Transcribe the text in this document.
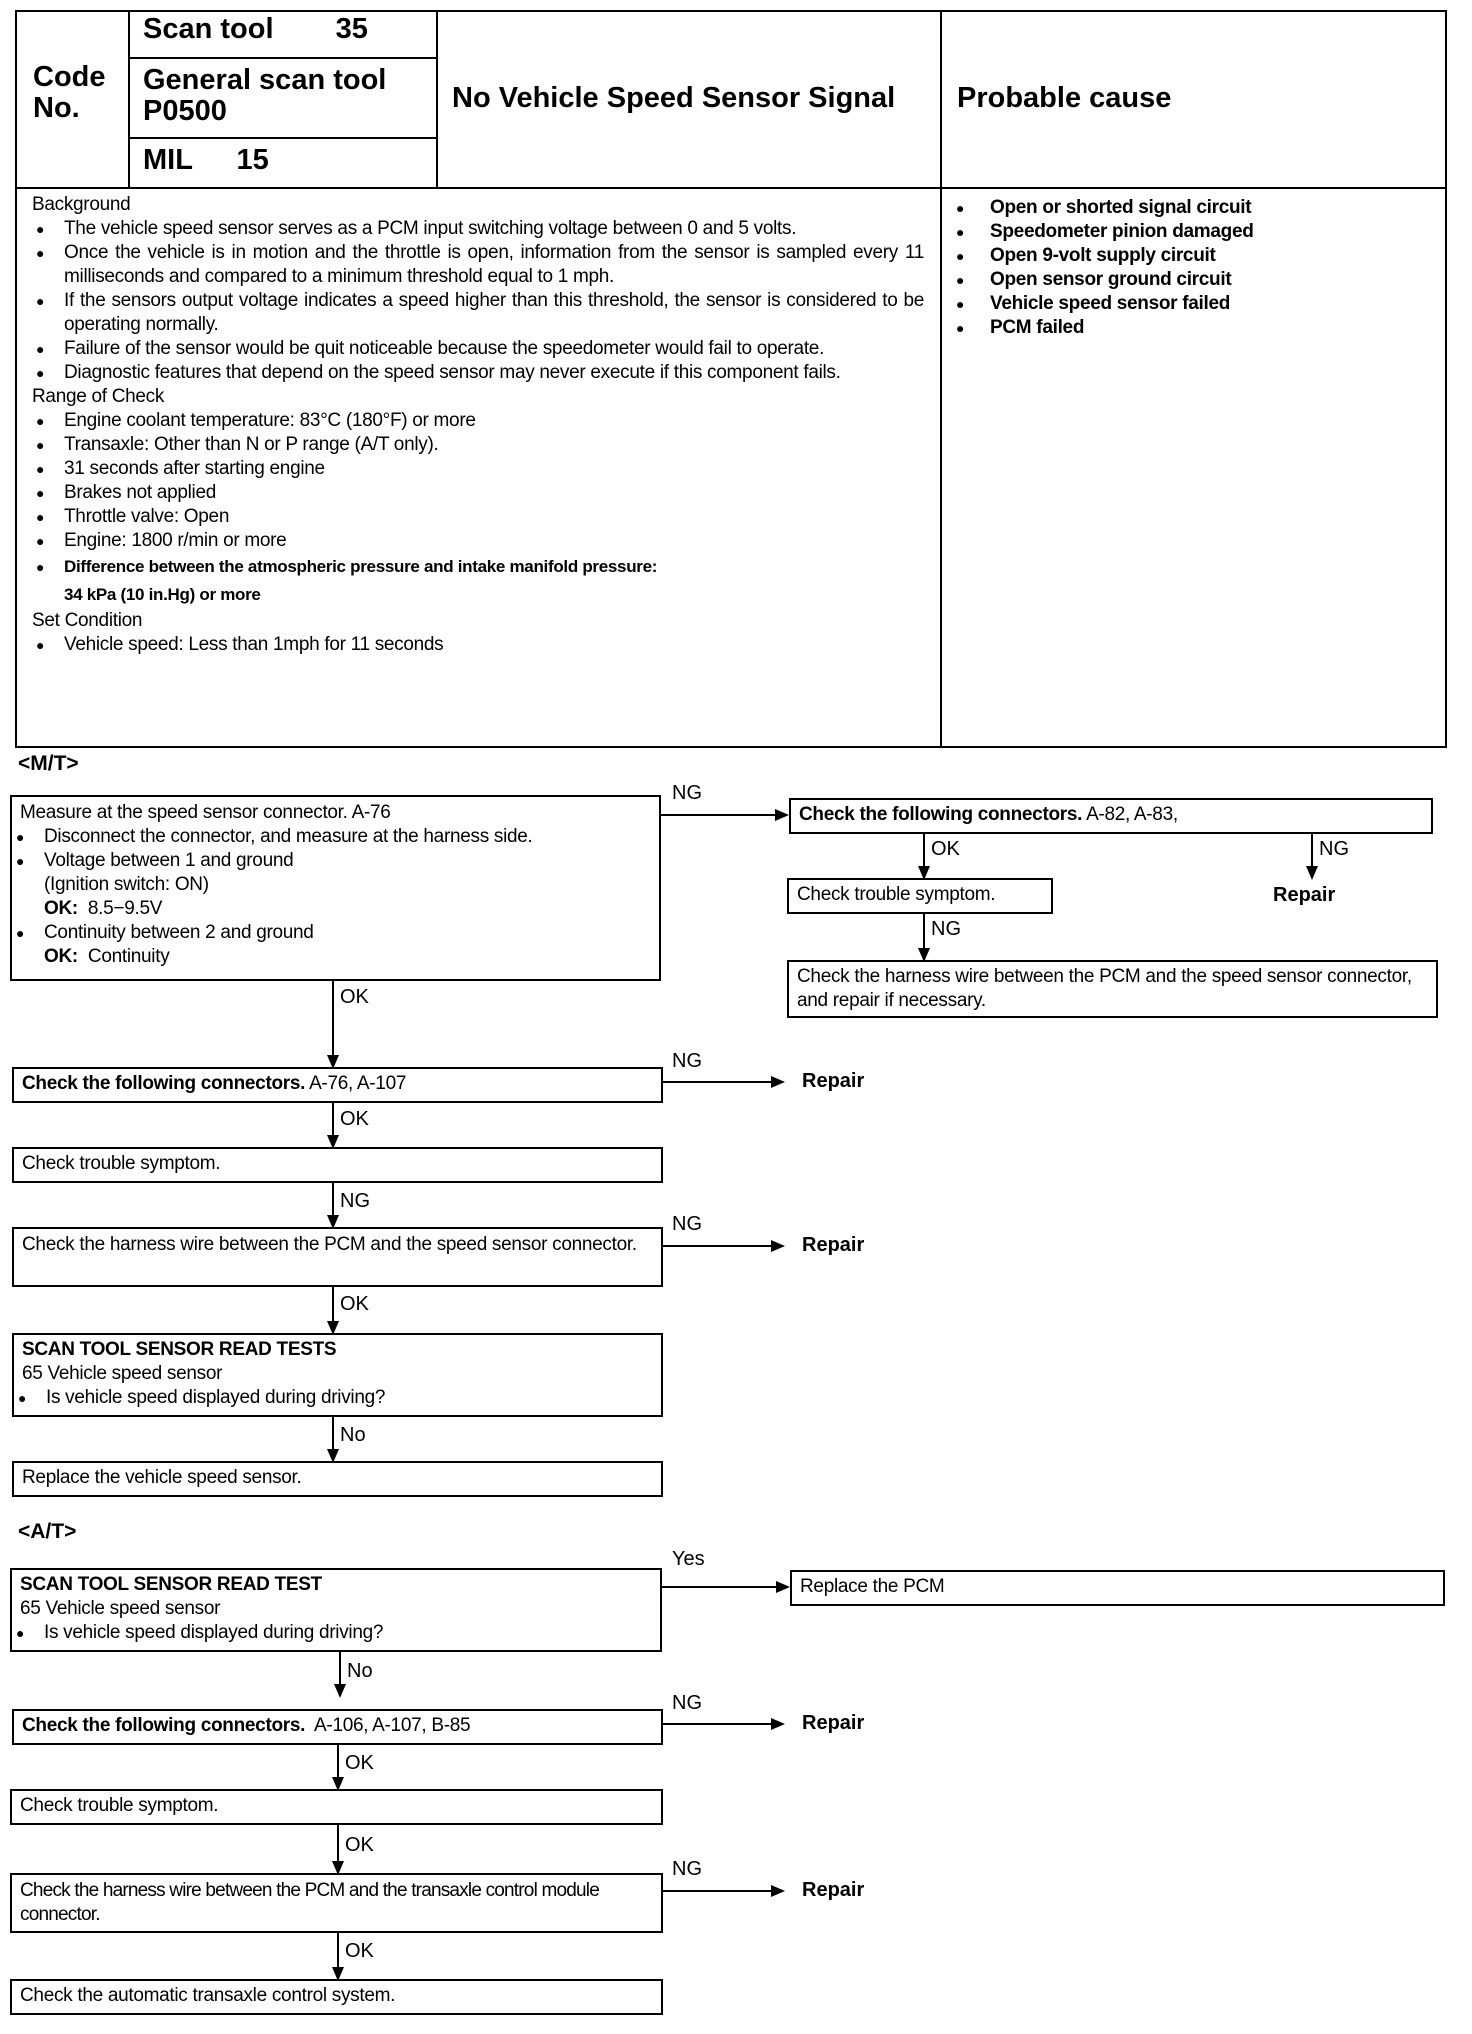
Code No.
Scan tool 35
General scan tool
P0500
MIL 15
No Vehicle Speed Sensor Signal Probable cause
Background
● The vehicle speed sensor serves as a PCM input switching voltage between 0 and 5 volts.
● Once the vehicle is in motion and the throttle is open, information from the sensor is sampled every 11 milliseconds and compared to a minimum threshold equal to 1 mph.
● If the sensors output voltage indicates a speed higher than this threshold, the sensor is considered to be operating normally.
● Failure of the sensor would be quit noticeable because the speedometer would fail to operate.
● Diagnostic features that depend on the speed sensor may never execute if this component fails.
Range of Check
● Engine coolant temperature: 83°C (180°F) or more
● Transaxle: Other than N or P range (A/T only).
● 31 seconds after starting engine
● Brakes not applied
● Throttle valve: Open
● Engine: 1800 r/min or more
● Difference between the atmospheric pressure and intake manifold pressure:
34 kPa (10 in.Hg) or more
Set Condition
● Vehicle speed: Less than 1mph for 11 seconds
● Open or shorted signal circuit
● Speedometer pinion damaged
● Open 9-volt supply circuit
● Open sensor ground circuit
● Vehicle speed sensor failed
● PCM failed
<M/T>
Measure at the speed sensor connector. A-76
● Disconnect the connector, and measure at the harness side.
● Voltage between 1 and ground
(Ignition switch: ON)
OK: 8.5−9.5V
● Continuity between 2 and ground
OK: Continuity
NG
Check the following connectors. A-82, A-83,
OK	NG
Repair
Check trouble symptom.
NG
Check the harness wire between the PCM and the speed sensor connector, and repair if necessary.
OK
Check the following connectors. A-76, A-107
NG
Repair
OK
Check trouble symptom.
NG
Check the harness wire between the PCM and the speed sensor connector.
NG
Repair
OK
SCAN TOOL SENSOR READ TESTS
65 Vehicle speed sensor
● Is vehicle speed displayed during driving?
No
Replace the vehicle speed sensor.
<A/T>
SCAN TOOL SENSOR READ TEST
65 Vehicle speed sensor
● Is vehicle speed displayed during driving?
Yes
Replace the PCM
No
Check the following connectors. A-106, A-107, B-85
NG
Repair
OK
Check trouble symptom.
OK
Check the harness wire between the PCM and the transaxle control module connector.
NG
Repair
OK
Check the automatic transaxle control system.
